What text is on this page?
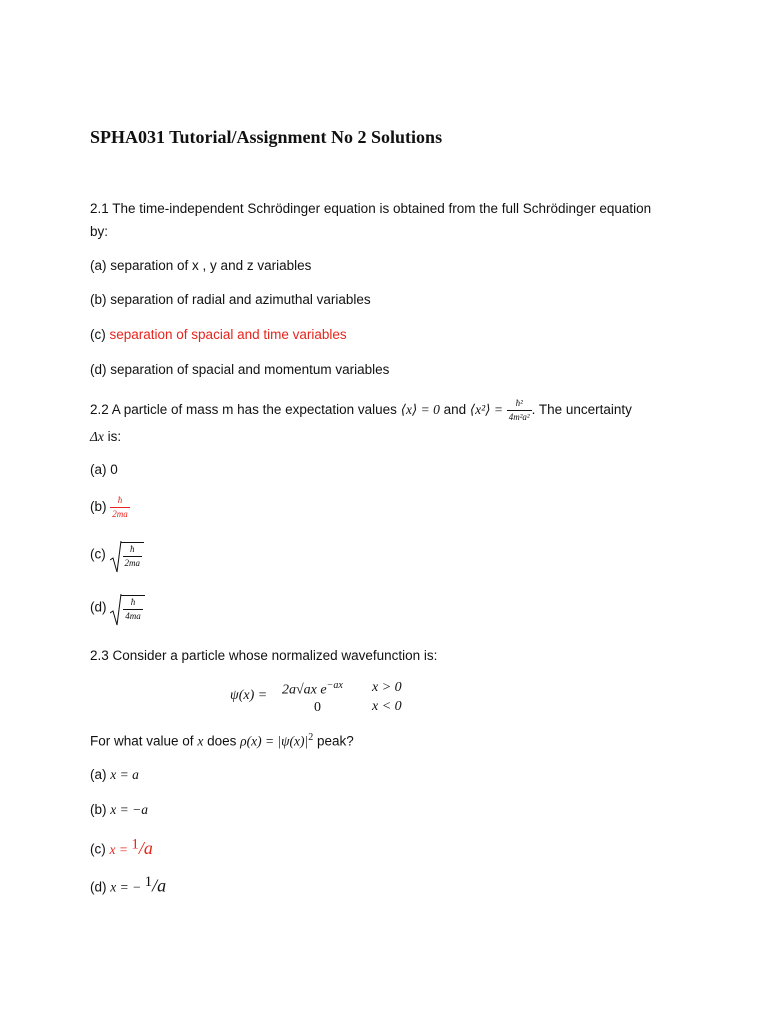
SPHA031 Tutorial/Assignment No 2 Solutions
2.1 The time-independent Schrödinger equation is obtained from the full Schrödinger equation
by:
(a) separation of x , y and z variables
(b) separation of radial and azimuthal variables
(c) separation of spacial and time variables
(d) separation of spacial and momentum variables
2.2 A particle of mass m has the expectation values ⟨x⟩ = 0 and ⟨x²⟩ = $\frac{\text{ħ²}}{\text{4m²a²}}$ . The uncertainty
Δx is:
(a) 0
$(b) \frac{ħ}{2ma}$
$(c) \frac{ħ}{2ma}$
$(d) \frac{ħ}{4ma}$
2.3 Consider a particle whose normalized wavefunction is:
ψ(x) = 2a√ax $e^{-ax}$ x > 0
0	x < 0
For what value of x does $\rho(x) = |\psi(x)|^2$ peak?
(a) x = a
(b) x = −a
(c) x = $^1$/a
(d) x = − $^1$/a
